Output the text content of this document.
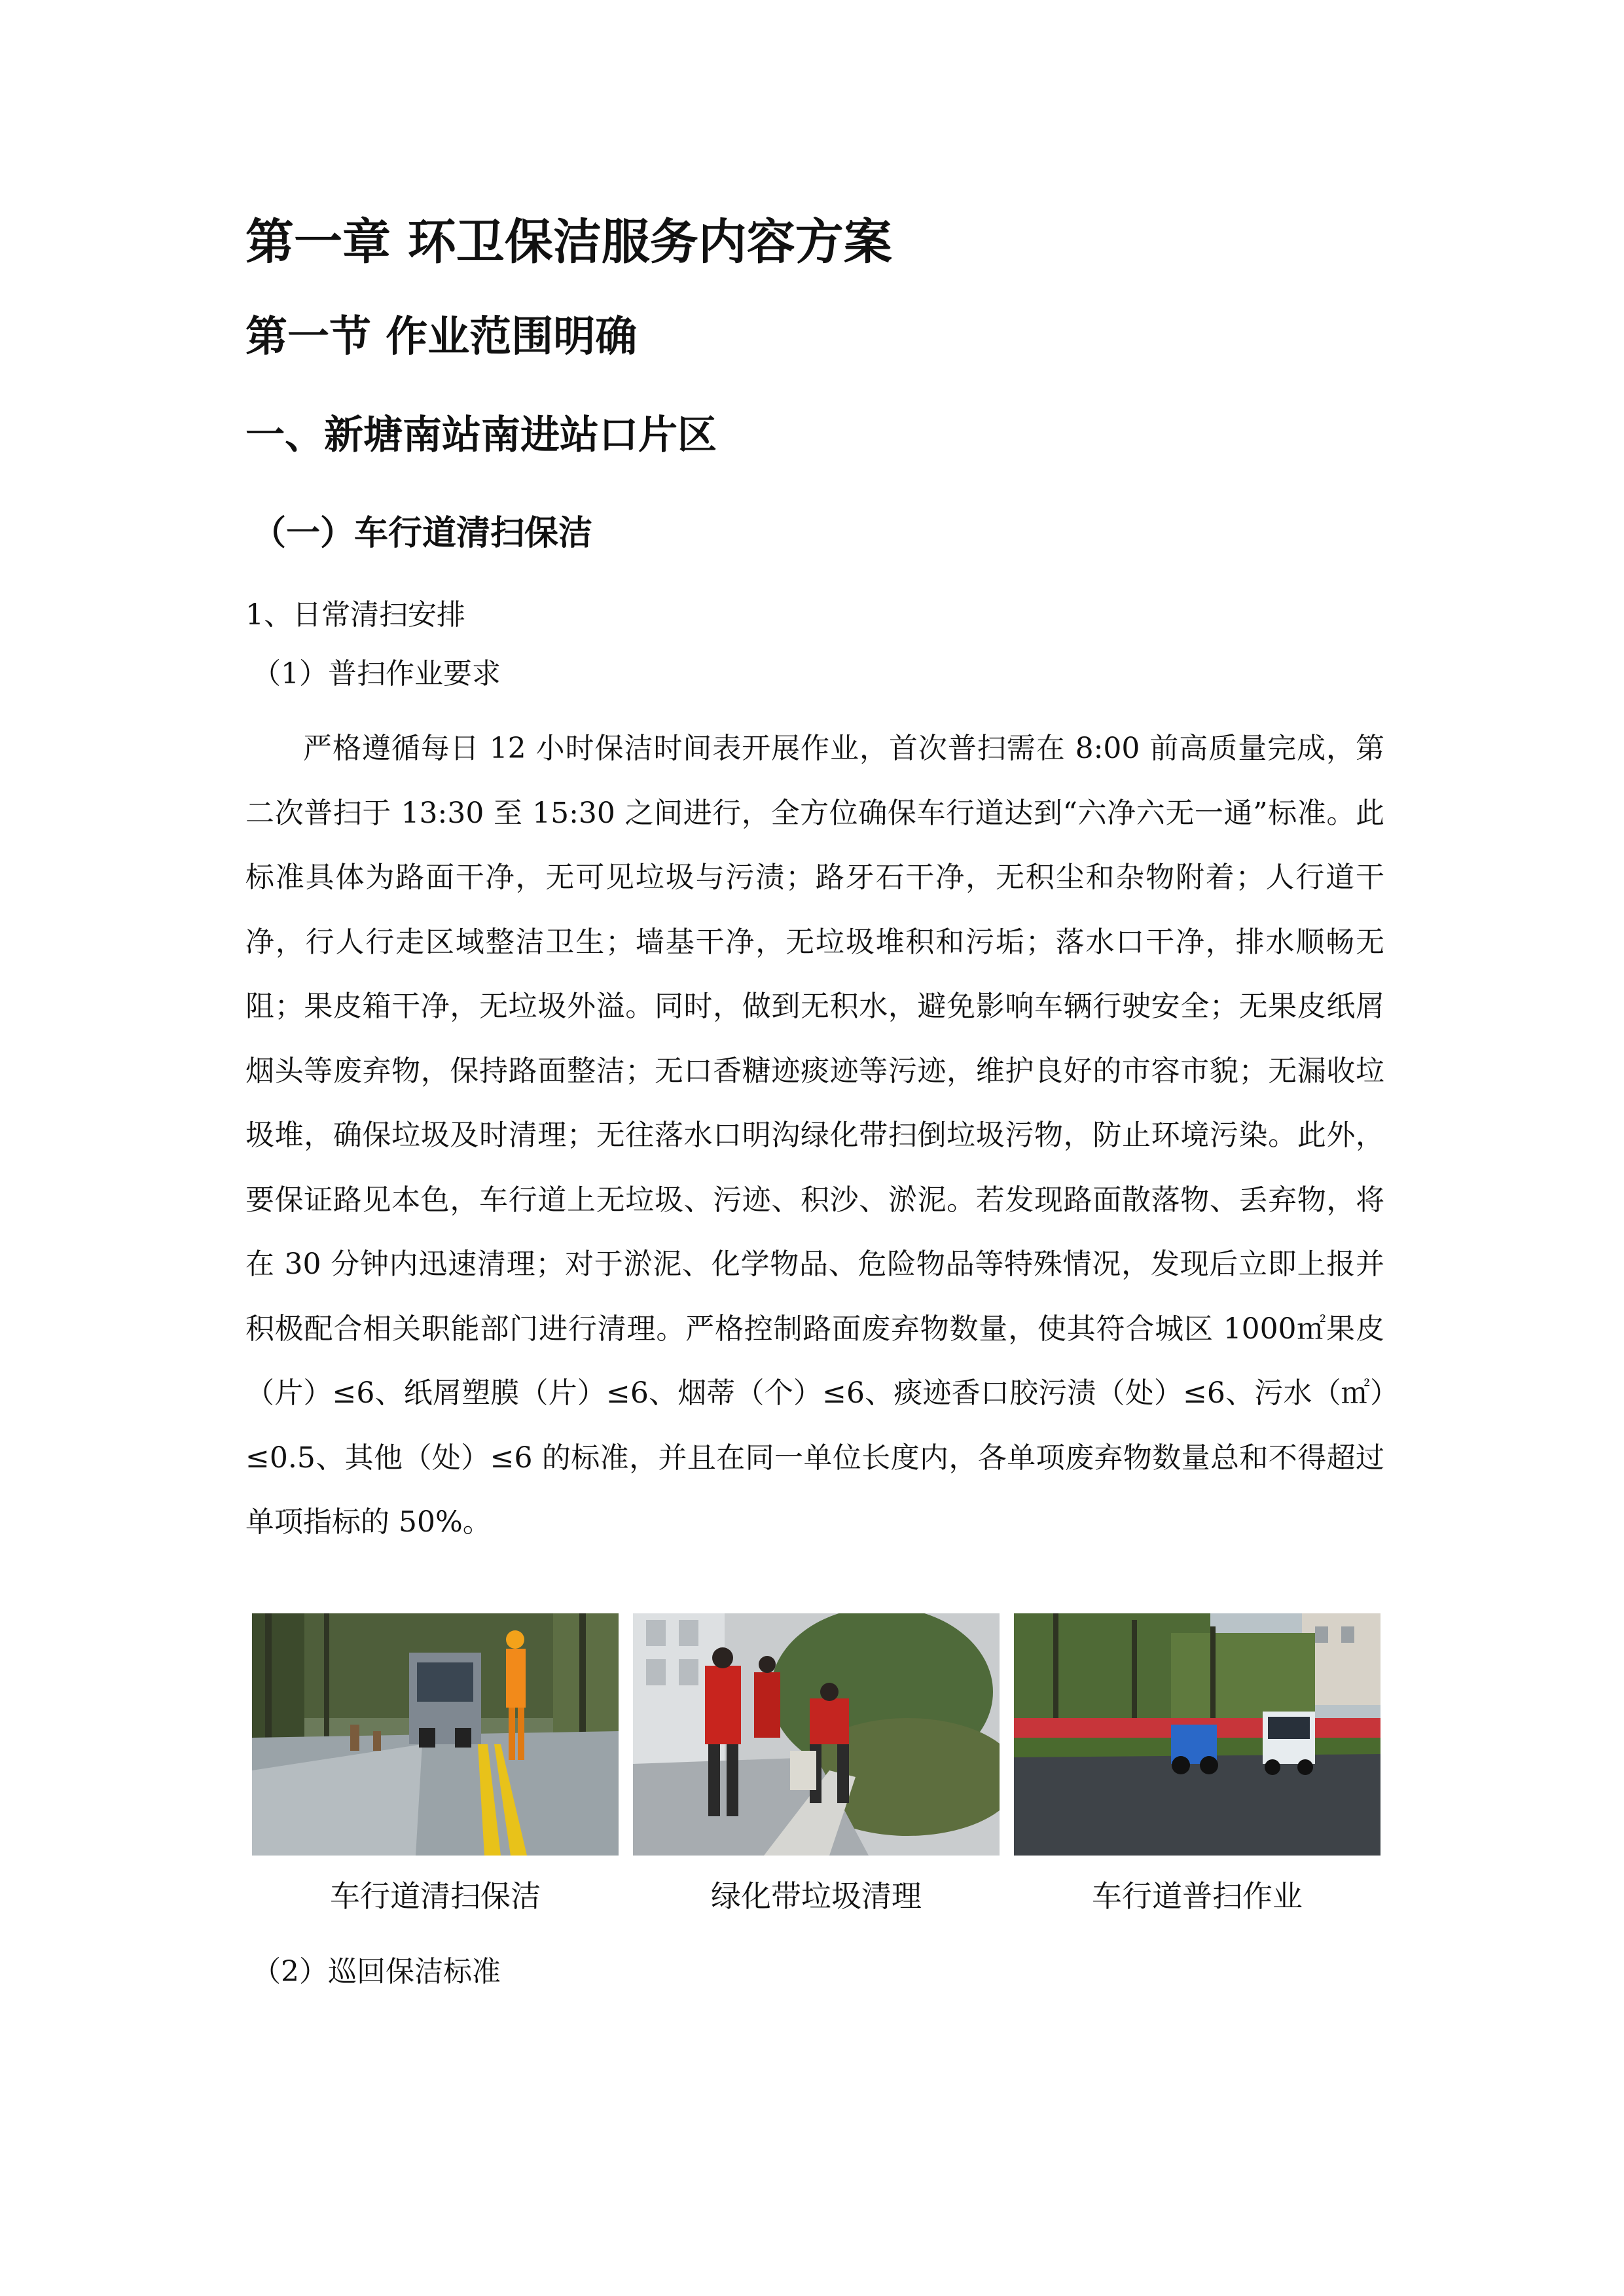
第一章 环卫保洁服务内容方案
第一节 作业范围明确
一、新塘南站南进站口片区
（一）车行道清扫保洁

1、日常清扫安排

（1）普扫作业要求

严格遵循每日 12 小时保洁时间表开展作业，首次普扫需在 8:00 前高质量完成，第二次普扫于 13:30 至 15:30 之间进行，全方位确保车行道达到“六净六无一通”标准。此标准具体为路面干净，无可见垃圾与污渍；路牙石干净，无积尘和杂物附着；人行道干净，行人行走区域整洁卫生；墙基干净，无垃圾堆积和污垢；落水口干净，排水顺畅无阻；果皮箱干净，无垃圾外溢。同时，做到无积水，避免影响车辆行驶安全；无果皮纸屑烟头等废弃物，保持路面整洁；无口香糖迹痰迹等污迹，维护良好的市容市貌；无漏收垃圾堆，确保垃圾及时清理；无往落水口明沟绿化带扫倒垃圾污物，防止环境污染。此外，要保证路见本色，车行道上无垃圾、污迹、积沙、淤泥。若发现路面散落物、丢弃物，将在 30 分钟内迅速清理；对于淤泥、化学物品、危险物品等特殊情况，发现后立即上报并积极配合相关职能部门进行清理。严格控制路面废弃物数量，使其符合城区 1000㎡果皮（片）≤6、纸屑塑膜（片）≤6、烟蒂（个）≤6、痰迹香口胶污渍（处）≤6、污水（㎡）≤0.5、其他（处）≤6 的标准，并且在同一单位长度内，各单项废弃物数量总和不得超过单项指标的 50%。

车行道清扫保洁	绿化带垃圾清理	车行道普扫作业

（2）巡回保洁标准
